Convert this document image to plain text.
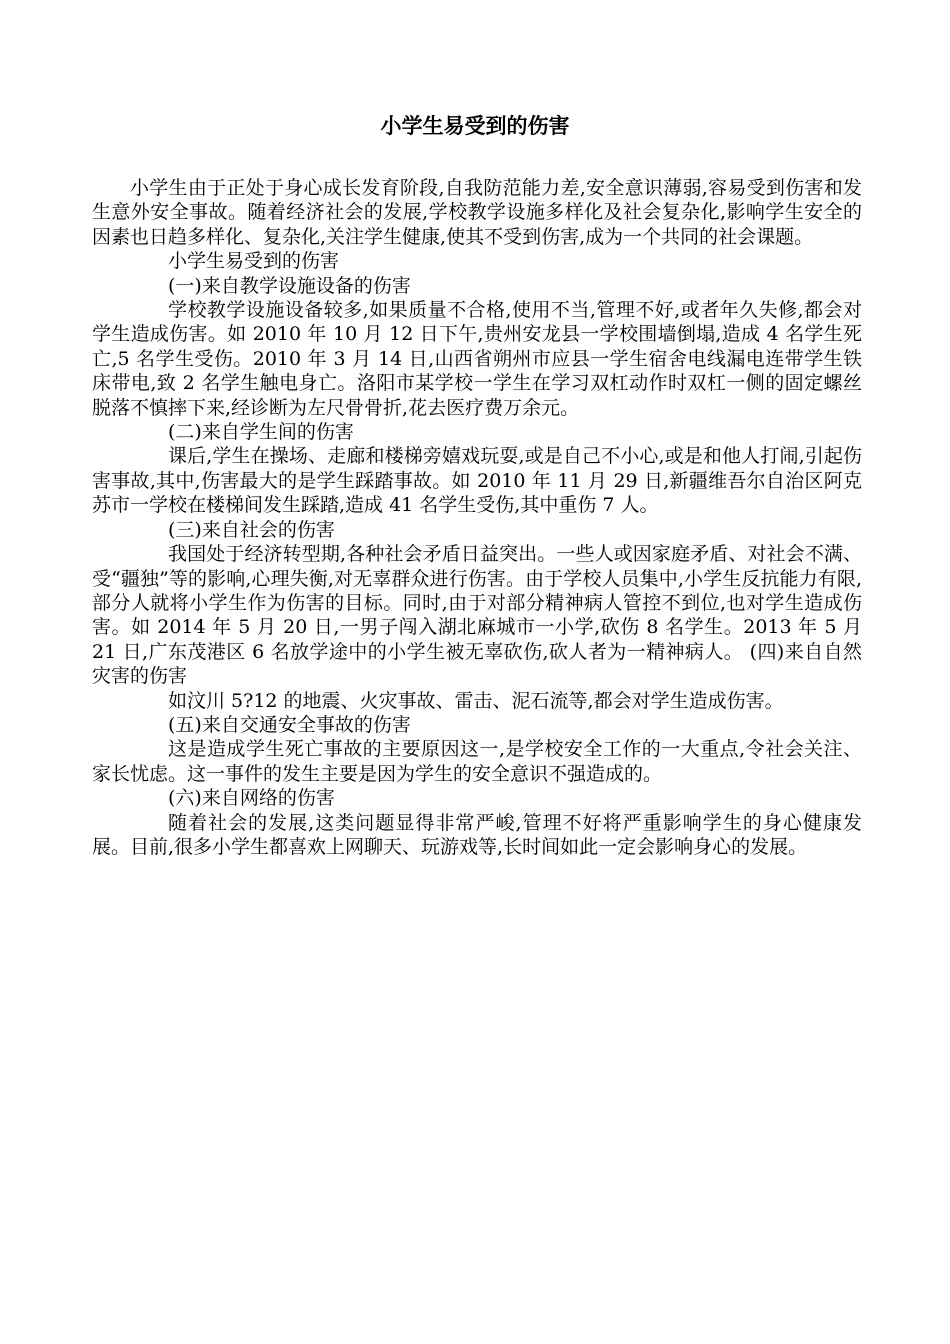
小学生易受到的伤害

小学生由于正处于身心成长发育阶段,自我防范能力差,安全意识薄弱,容易受到伤害和发生意外安全事故。随着经济社会的发展,学校教学设施多样化及社会复杂化,影响学生安全的因素也日趋多样化、复杂化,关注学生健康,使其不受到伤害,成为一个共同的社会课题。

小学生易受到的伤害

(一)来自教学设施设备的伤害

学校教学设施设备较多,如果质量不合格,使用不当,管理不好,或者年久失修,都会对学生造成伤害。如 2010 年 10 月 12 日下午,贵州安龙县一学校围墙倒塌,造成 4 名学生死亡,5 名学生受伤。2010 年 3 月 14 日,山西省朔州市应县一学生宿舍电线漏电连带学生铁床带电,致 2 名学生触电身亡。洛阳市某学校一学生在学习双杠动作时双杠一侧的固定螺丝脱落不慎摔下来,经诊断为左尺骨骨折,花去医疗费万余元。

(二)来自学生间的伤害

课后,学生在操场、走廊和楼梯旁嬉戏玩耍,或是自己不小心,或是和他人打闹,引起伤害事故,其中,伤害最大的是学生踩踏事故。如 2010 年 11 月 29 日,新疆维吾尔自治区阿克苏市一学校在楼梯间发生踩踏,造成 41 名学生受伤,其中重伤 7 人。

(三)来自社会的伤害

我国处于经济转型期,各种社会矛盾日益突出。一些人或因家庭矛盾、对社会不满、受“疆独”等的影响,心理失衡,对无辜群众进行伤害。由于学校人员集中,小学生反抗能力有限,部分人就将小学生作为伤害的目标。同时,由于对部分精神病人管控不到位,也对学生造成伤害。如 2014 年 5 月 20 日,一男子闯入湖北麻城市一小学,砍伤 8 名学生。2013 年 5 月 21 日,广东茂港区 6 名放学途中的小学生被无辜砍伤,砍人者为一精神病人。 (四)来自自然灾害的伤害

如汶川 5?12 的地震、火灾事故、雷击、泥石流等,都会对学生造成伤害。

(五)来自交通安全事故的伤害

这是造成学生死亡事故的主要原因这一,是学校安全工作的一大重点,令社会关注、家长忧虑。这一事件的发生主要是因为学生的安全意识不强造成的。

(六)来自网络的伤害

随着社会的发展,这类问题显得非常严峻,管理不好将严重影响学生的身心健康发展。目前,很多小学生都喜欢上网聊天、玩游戏等,长时间如此一定会影响身心的发展。
